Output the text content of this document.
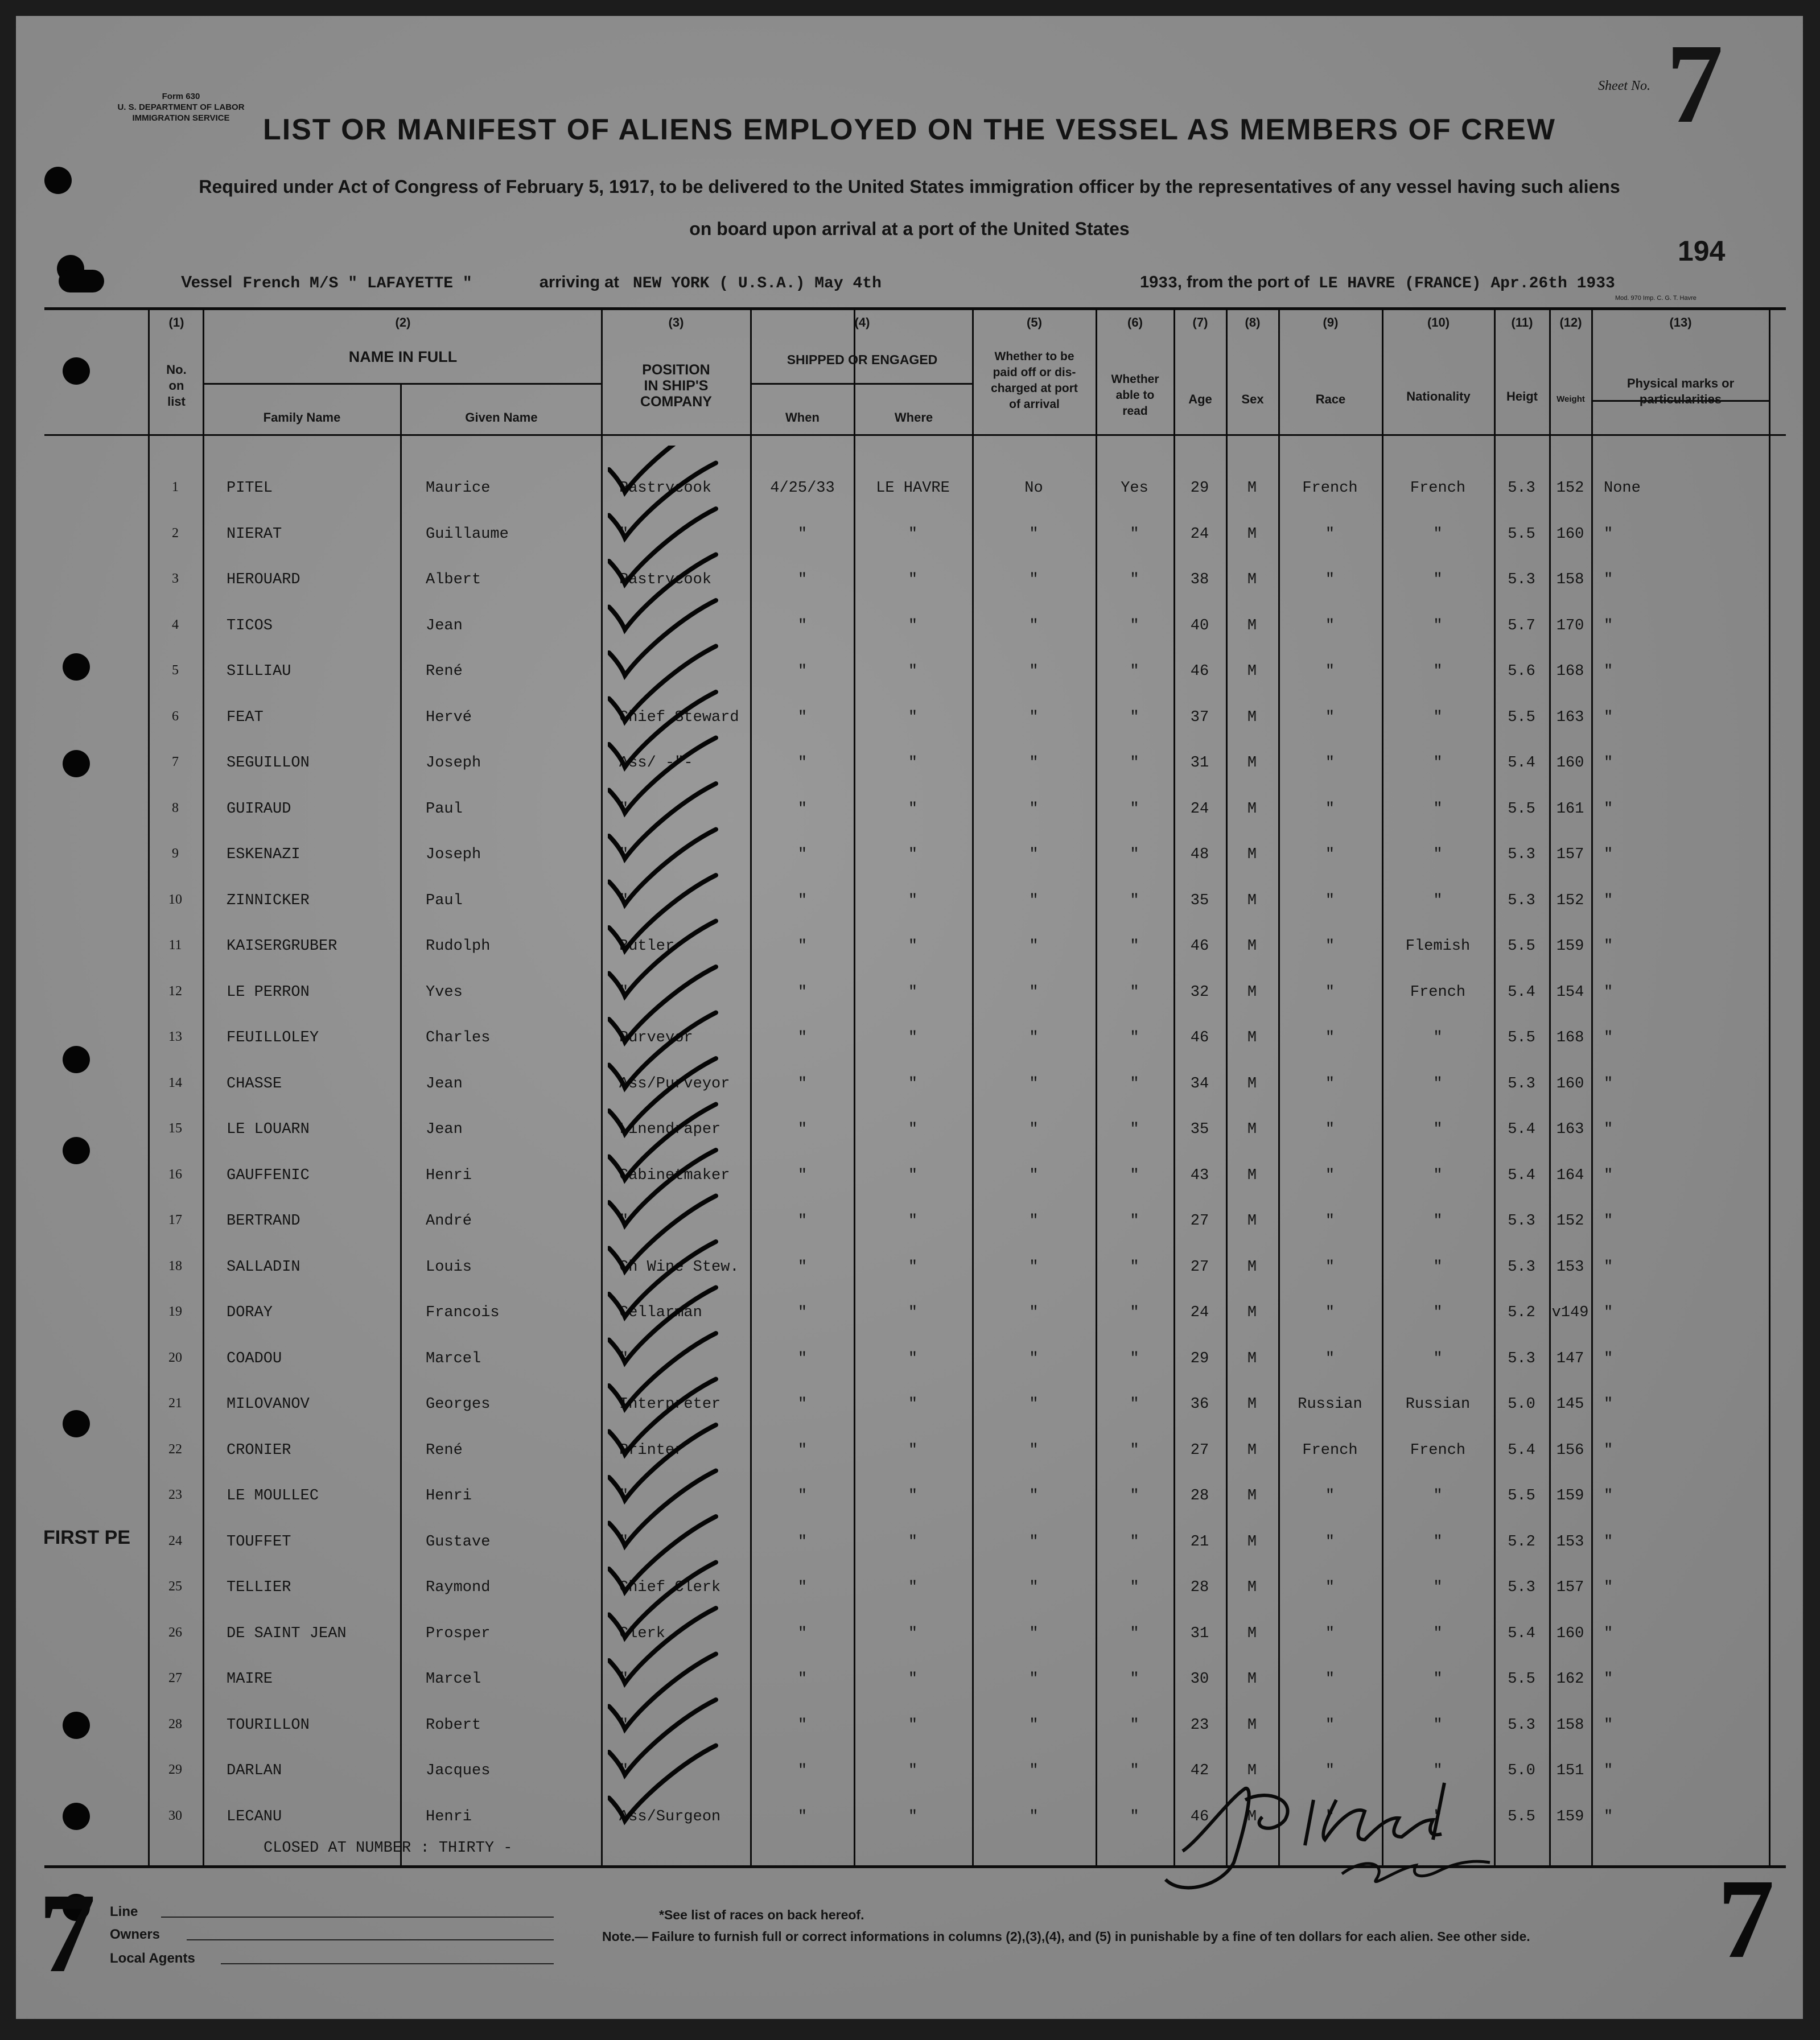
Form 630
U. S. DEPARTMENT OF LABOR
IMMIGRATION SERVICE
Sheet No. 7
LIST OR MANIFEST OF ALIENS EMPLOYED ON THE VESSEL AS MEMBERS OF CREW
Required under Act of Congress of February 5, 1917, to be delivered to the United States immigration officer by the representatives of any vessel having such aliens
on board upon arrival at a port of the United States
194
Vessel French M/S " LAFAYETTE "	arriving at NEW YORK ( U.S.A.) May 4th	1933, from the port of LE HAVRE (FRANCE) Apr.26th 1933
Mod. 970 Imp. C. G. T. Havre
(1)
No.
on
list
(2)
NAME IN FULL
Family Name	Given Name
(3)
POSITION
IN SHIP'S
COMPANY
(4)
SHIPPED OR ENGAGED
When	Where
(5)
Whether to be
paid off or dis-
charged at port
of arrival
(6)
Whether
able to
read
(7)
Age
(8)
Sex
(9)
Race
(10)
Nationality
(11)
Heigt
(12)
Weight
(13)
Physical marks or
particularities
1	PITEL	Maurice	Pastrycook	4/25/33	LE HAVRE	No	Yes	29	M	French	French	5.3	152	None
2	NIERAT	Guillaume	"	"	"	"	"	24	M	"	"	5.5	160	"
3	HEROUARD	Albert	Pastrycook	"	"	"	"	38	M	"	"	5.3	158	"
4	TICOS	Jean	"	"	"	"	40	M	"	"	5.7	170	"
5	SILLIAU	René	"	"	"	"	46	M	"	"	5.6	168	"
6	FEAT	Hervé	Chief Steward	"	"	"	"	37	M	"	"	5.5	163	"
7	SEGUILLON	Joseph	Ass/ -"-	"	"	"	"	31	M	"	"	5.4	160	"
8	GUIRAUD	Paul	"	"	"	"	"	24	M	"	"	5.5	161	"
9	ESKENAZI	Joseph	"	"	"	"	"	48	M	"	"	5.3	157	"
10	ZINNICKER	Paul	"	"	"	"	"	35	M	"	"	5.3	152	"
11	KAISERGRUBER	Rudolph	Butler	"	"	"	"	46	M	"	Flemish	5.5	159	"
12	LE PERRON	Yves	"	"	"	"	"	32	M	"	French	5.4	154	"
13	FEUILLOLEY	Charles	Purveyor	"	"	"	"	46	M	"	"	5.5	168	"
14	CHASSE	Jean	Ass/Purveyor	"	"	"	"	34	M	"	"	5.3	160	"
15	LE LOUARN	Jean	Linendraper	"	"	"	"	35	M	"	"	5.4	163	"
16	GAUFFENIC	Henri	Cabinetmaker	"	"	"	"	43	M	"	"	5.4	164	"
17	BERTRAND	André	"	"	"	"	"	27	M	"	"	5.3	152	"
18	SALLADIN	Louis	Ch Wine Stew.	"	"	"	"	27	M	"	"	5.3	153	"
19	DORAY	Francois	Cellarman	"	"	"	"	24	M	"	"	5.2	v149 "
20	COADOU	Marcel	"	"	"	"	"	29	M	"	"	5.3	147	"
21	MILOVANOV	Georges	Interpreter	"	"	"	"	36	M	Russian	Russian	5.0	145	"
22	CRONIER	René	Printer	"	"	"	"	27	M	French	French	5.4	156	"
23	LE MOULLEC	Henri	"	"	"	"	"	28	M	"	"	5.5	159	"
24	TOUFFET	Gustave	"	"	"	"	"	21	M	"	"	5.2	153	"
25	TELLIER	Raymond	Chief Clerk	"	"	"	"	28	M	"	"	5.3	157	"
26	DE SAINT JEAN	Prosper	Clerk	"	"	"	"	31	M	"	"	5.4	160	"
27	MAIRE	Marcel	"	"	"	"	"	30	M	"	"	5.5	162	"
28	TOURILLON	Robert	"	"	"	"	"	23	M	"	"	5.3	158	"
29	DARLAN	Jacques	"	"	"	"	"	42	M	"	"	5.0	151	"
30	LECANU	Henri	Ass/Surgeon	"	"	"	"	46	M	"	"	5.5	159	"
CLOSED AT NUMBER : THIRTY -
FIRST PE
Line
Owners
Local Agents
*See list of races on back hereof.
Note.— Failure to furnish full or correct informations in columns (2),(3),(4), and (5) in punishable by a fine of ten dollars for each alien. See other side.
7	7
